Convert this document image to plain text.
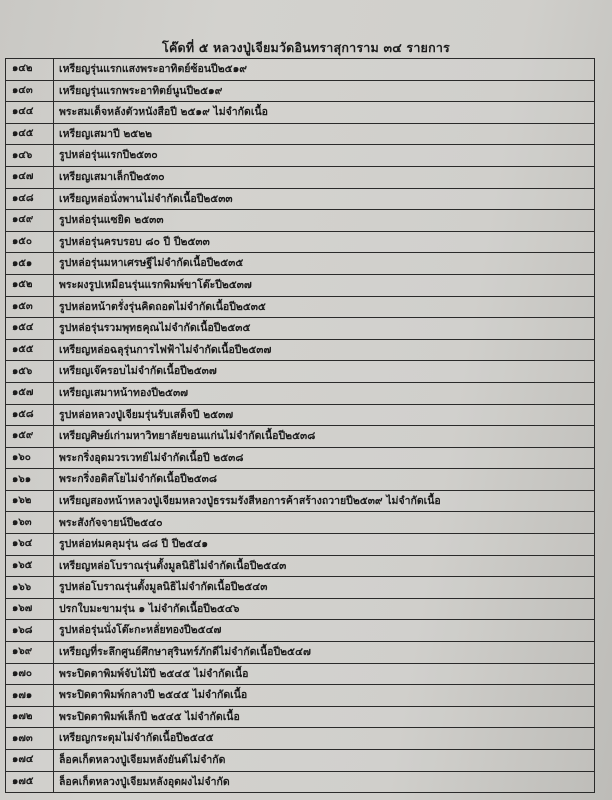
โค๊ดที่ ๕ หลวงปู่เจียมวัดอินทราสุการาม ๓๔ รายการ
๑๔๒	เหรียญรุ่นแรกแสงพระอาทิตย์ซ้อนปี๒๕๑๙
๑๔๓	เหรียญรุ่นแรกพระอาทิตย์นูนปี๒๕๑๙
๑๔๔	พระสมเด็จหลังตัวหนังสือปี ๒๕๑๙ ไม่จำกัดเนื้อ
๑๔๕	เหรียญเสมาปี ๒๕๒๒
๑๔๖	รูปหล่อรุ่นแรกปี๒๕๓๐
๑๔๗	เหรียญเสมาเล็กปี๒๕๓๐
๑๔๘	เหรียญหล่อนั่งพานไม่จำกัดเนื้อปี๒๕๓๓
๑๔๙	รูปหล่อรุ่นแซยิด ๒๕๓๓
๑๕๐	รูปหล่อรุ่นครบรอบ ๘๐ ปี ปี๒๕๓๓
๑๕๑	รูปหล่อรุ่นมหาเศรษฐีไม่จำกัดเนื้อปี๒๕๓๕
๑๕๒	พระผงรูปเหมือนรุ่นแรกพิมพ์ขาโต๊ะปี๒๕๓๗
๑๕๓	รูปหล่อหน้าตรั่งรุ่นคิดถอดไม่จำกัดเนื้อปี๒๕๓๕
๑๕๔	รูปหล่อรุ่นรวมพุทธคุณไม่จำกัดเนื้อปี๒๕๓๕
๑๕๕	เหรียญหล่อฉลุรุ่นการไฟฟ้าไม่จำกัดเนื้อปี๒๕๓๗
๑๕๖	เหรียญเจ๊ครอบไม่จำกัดเนื้อปี๒๕๓๗
๑๕๗	เหรียญเสมาหน้าทองปี๒๕๓๗
๑๕๘	รูปหล่อหลวงปู่เจียมรุ่นรับเสด็จปี ๒๕๓๗
๑๕๙	เหรียญศิษย์เก่ามหาวิทยาลัยขอนแก่นไม่จำกัดเนื้อปี๒๕๓๘
๑๖๐	พระกริ่งอุดมวรเวทย์ไม่จำกัดเนื้อปี ๒๕๓๘
๑๖๑	พระกริ่งอติสโยไม่จำกัดเนื้อปี๒๕๓๘
๑๖๒	เหรียญสองหน้าหลวงปู่เจียมหลวงปู่ธรรมรังสีหอการค้าสร้างถวายปี๒๕๓๙ ไม่จำกัดเนื้อ
๑๖๓	พระสังกัจจายน์ปี๒๕๔๐
๑๖๔	รูปหล่อห่มคลุมรุ่น ๘๘ ปี ปี๒๕๔๑
๑๖๕	เหรียญหล่อโบราณรุ่นตั้งมูลนิธิไม่จำกัดเนื้อปี๒๕๔๓
๑๖๖	รูปหล่อโบราณรุ่นตั้งมูลนิธิไม่จำกัดเนื้อปี๒๕๔๓
๑๖๗	ปรกใบมะขามรุ่น ๑ ไม่จำกัดเนื้อปี๒๕๔๖
๑๖๘	รูปหล่อรุ่นนั่งโต๊ะกะหลั่ยทองปี๒๕๔๗
๑๖๙	เหรียญที่ระลึกศูนย์ศึกษาสุรินทร์ภักดีไม่จำกัดเนื้อปี๒๕๔๗
๑๗๐	พระปิดตาพิมพ์จับไม้ปี ๒๕๔๕ ไม่จำกัดเนื้อ
๑๗๑	พระปิดตาพิมพ์กลางปี ๒๕๔๕ ไม่จำกัดเนื้อ
๑๗๒	พระปิดตาพิมพ์เล็กปี ๒๕๔๕ ไม่จำกัดเนื้อ
๑๗๓	เหรียญกระดุมไม่จำกัดเนื้อปี๒๕๔๕
๑๗๔	ล็อคเก็ตหลวงปู่เจียมหลังยันต์ไม่จำกัด
๑๗๕	ล็อคเก็ตหลวงปู่เจียมหลังอุดผงไม่จำกัด
